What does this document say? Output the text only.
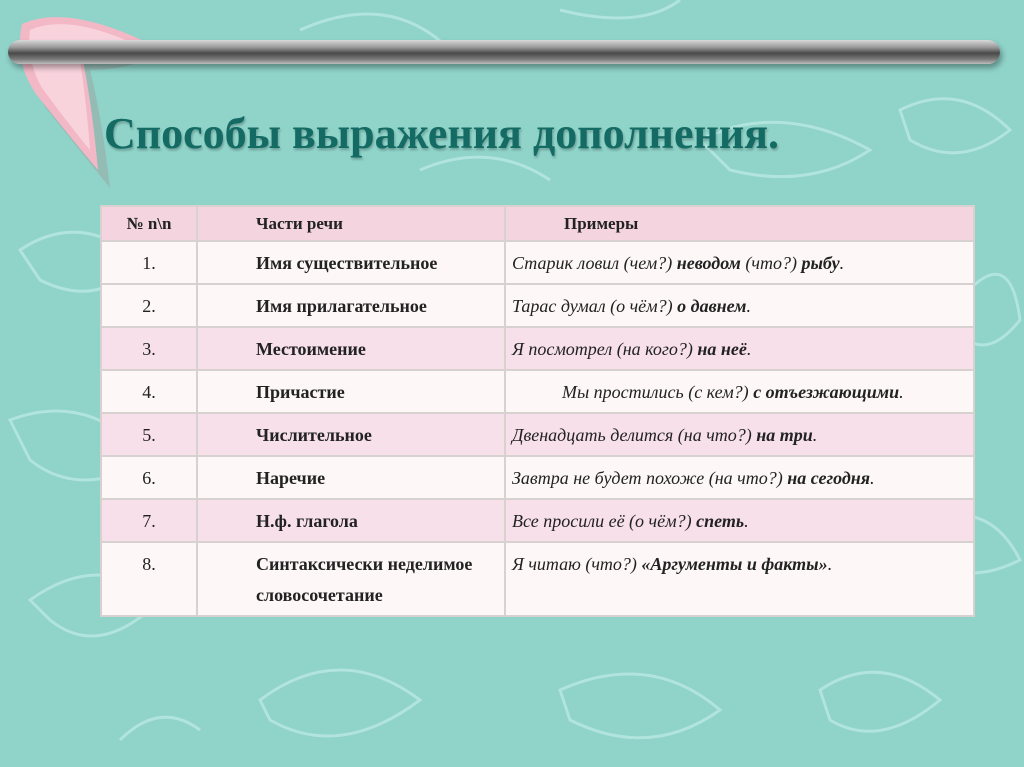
Способы выражения дополнения.
№ n\n	Части речи	Примеры
1.	Имя существительное	Старик ловил (чем?) неводом (что?) рыбу.
2.	Имя прилагательное	Тарас думал (о чём?) о давнем.
3.	Местоимение	Я посмотрел (на кого?) на неё.
4.	Причастие	Мы простились (с кем?) с отъезжающими.
5.	Числительное	Двенадцать делится (на что?) на три.
6.	Наречие	Завтра не будет похоже (на что?) на сегодня.
7.	Н.ф. глагола	Все просили её (о чём?) спеть.
8.	Синтаксически неделимое словосочетание	Я читаю (что?) «Аргументы и факты».
